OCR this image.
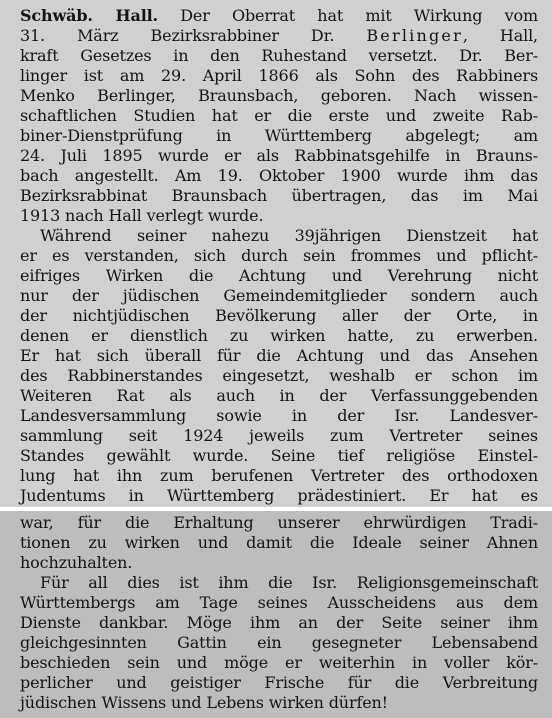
Schwäb. Hall. Der Oberrat hat mit Wirkung vom
31. März Bezirksrabbiner Dr. Berlinger, Hall,
kraft Gesetzes in den Ruhestand versetzt. Dr. Ber-
linger ist am 29. April 1866 als Sohn des Rabbiners
Menko Berlinger, Braunsbach, geboren. Nach wissen-
schaftlichen Studien hat er die erste und zweite Rab-
biner-Dienstprüfung in Württemberg abgelegt; am
24. Juli 1895 wurde er als Rabbinatsgehilfe in Brauns-
bach angestellt. Am 19. Oktober 1900 wurde ihm das
Bezirksrabbinat Braunsbach übertragen, das im Mai
1913 nach Hall verlegt wurde.
Während seiner nahezu 39jährigen Dienstzeit hat
er es verstanden, sich durch sein frommes und pflicht-
eifriges Wirken die Achtung und Verehrung nicht
nur der jüdischen Gemeindemitglieder sondern auch
der nichtjüdischen Bevölkerung aller der Orte, in
denen er dienstlich zu wirken hatte, zu erwerben.
Er hat sich überall für die Achtung und das Ansehen
des Rabbinerstandes eingesetzt, weshalb er schon im
Weiteren Rat als auch in der Verfassunggebenden
Landesversammlung sowie in der Isr. Landesver-
sammlung seit 1924 jeweils zum Vertreter seines
Standes gewählt wurde. Seine tief religiöse Einstel-
lung hat ihn zum berufenen Vertreter des orthodoxen
Judentums in Württemberg prädestiniert. Er hat es
war, für die Erhaltung unserer ehrwürdigen Tradi-
tionen zu wirken und damit die Ideale seiner Ahnen
hochzuhalten.
Für all dies ist ihm die Isr. Religionsgemeinschaft
Württembergs am Tage seines Ausscheidens aus dem
Dienste dankbar. Möge ihm an der Seite seiner ihm
gleichgesinnten Gattin ein gesegneter Lebensabend
beschieden sein und möge er weiterhin in voller kör-
perlicher und geistiger Frische für die Verbreitung
jüdischen Wissens und Lebens wirken dürfen!
